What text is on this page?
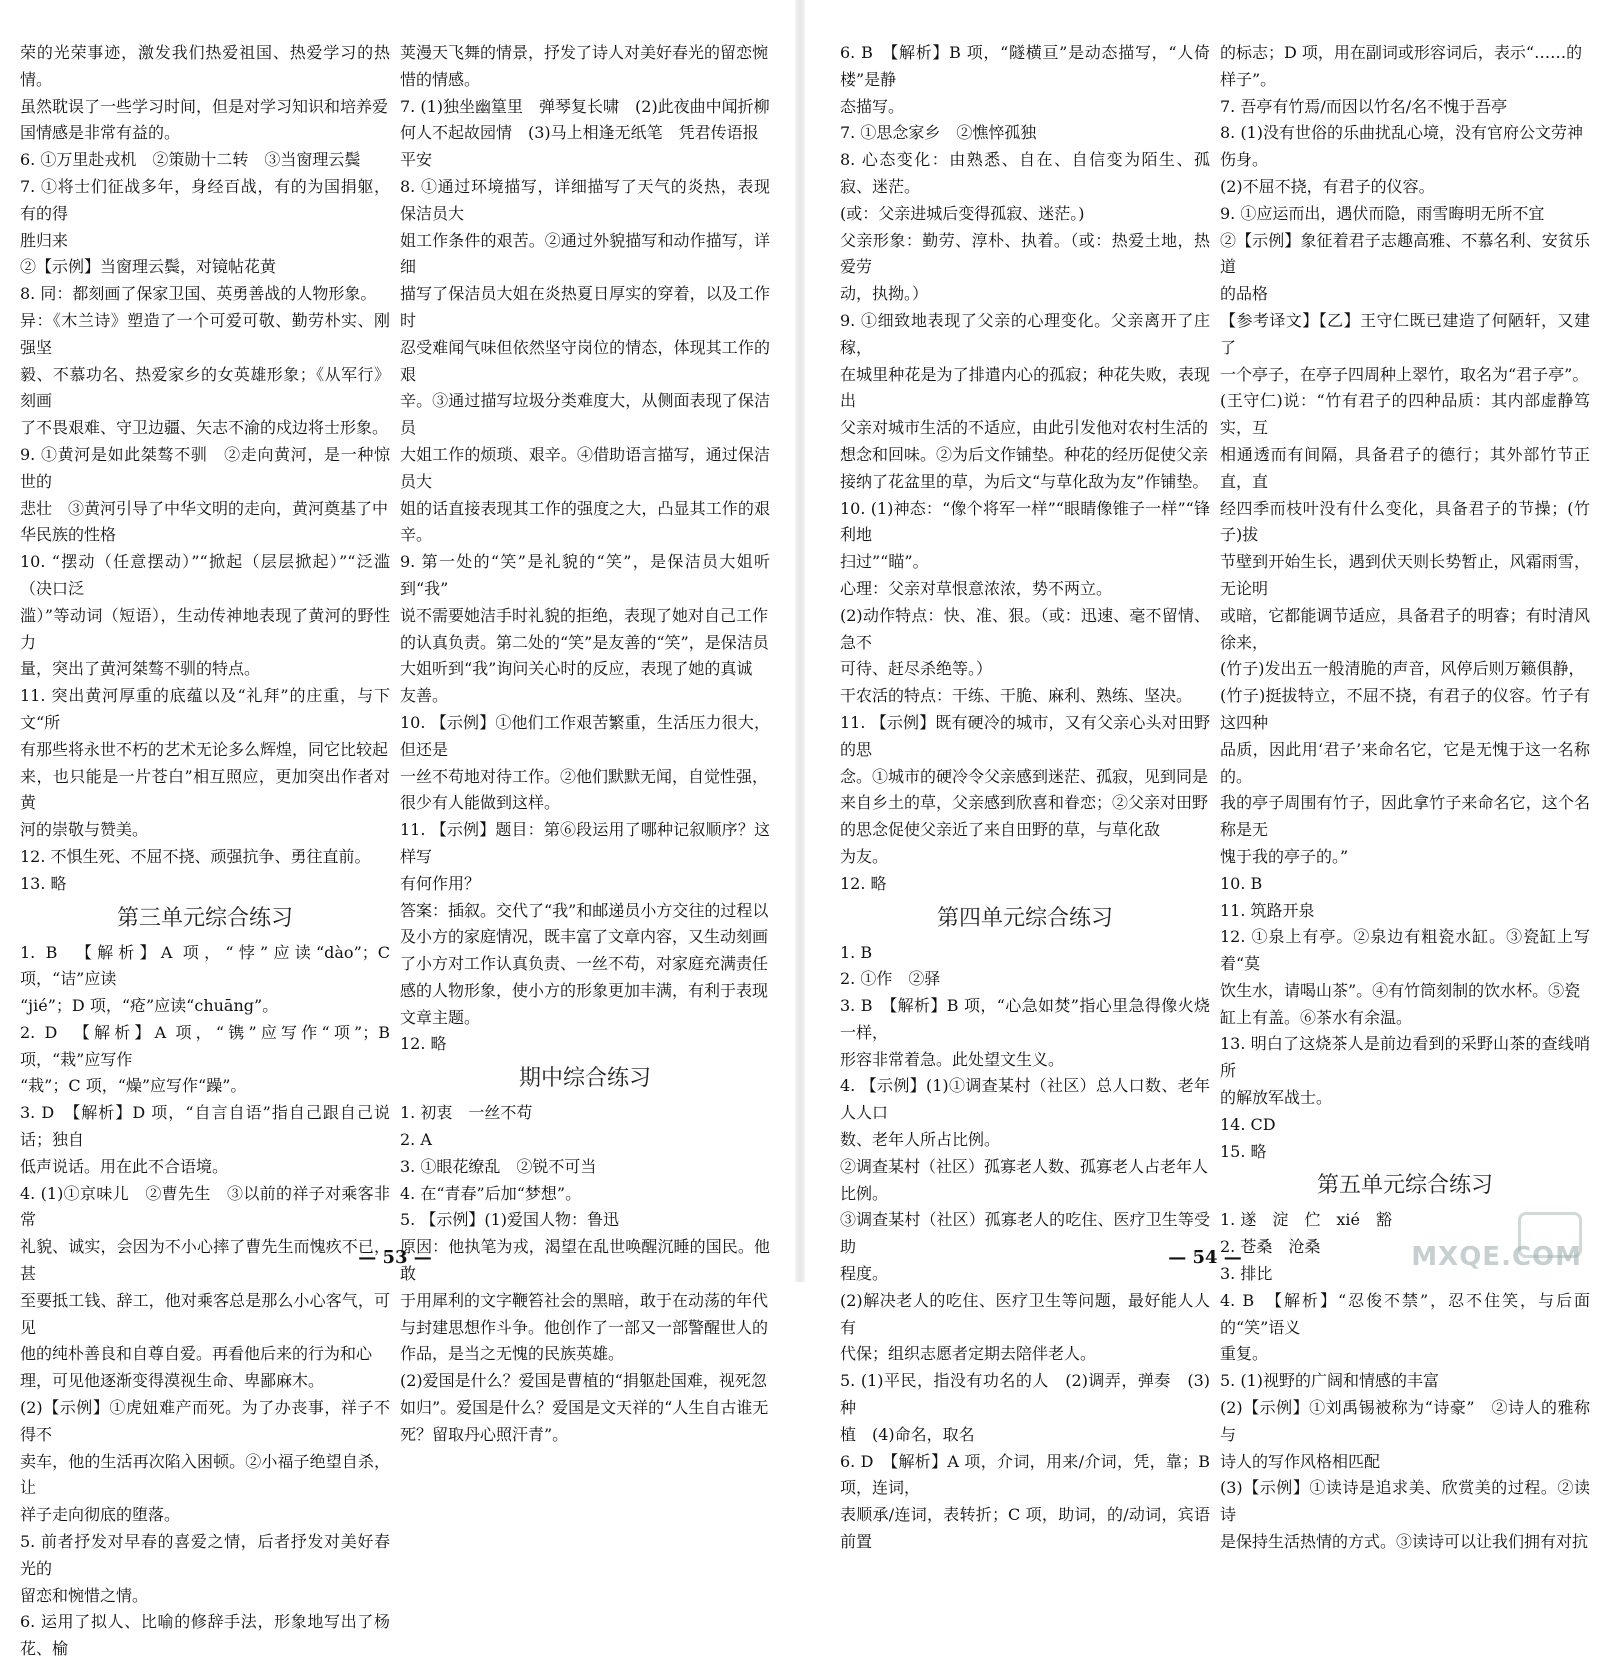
荣的光荣事迹，激发我们热爱祖国、热爱学习的热情。

虽然耽误了一些学习时间，但是对学习知识和培养爱

国情感是非常有益的。

6. ①万里赴戎机　②策勋十二转　③当窗理云鬓

7. ①将士们征战多年，身经百战，有的为国捐躯，有的得

胜归来

②【示例】当窗理云鬓，对镜帖花黄

8. 同：都刻画了保家卫国、英勇善战的人物形象。

异：《木兰诗》塑造了一个可爱可敬、勤劳朴实、刚强坚

毅、不慕功名、热爱家乡的女英雄形象；《从军行》刻画

了不畏艰难、守卫边疆、矢志不渝的戍边将士形象。

9. ①黄河是如此桀骜不驯　②走向黄河，是一种惊世的

悲壮　③黄河引导了中华文明的走向，黄河奠基了中

华民族的性格

10. “摆动（任意摆动）”“掀起（层层掀起）”“泛滥（决口泛

滥）”等动词（短语），生动传神地表现了黄河的野性力

量，突出了黄河桀骜不驯的特点。

11. 突出黄河厚重的底蕴以及“礼拜”的庄重，与下文“所

有那些将永世不朽的艺术无论多么辉煌，同它比较起

来，也只能是一片苍白”相互照应，更加突出作者对黄

河的崇敬与赞美。

12. 不惧生死、不屈不挠、顽强抗争、勇往直前。

13. 略

第三单元综合练习

1. B　【解析】A 项，“悖”应读“dào”；C 项，“诘”应读

“jié”；D 项，“疮”应读“chuāng”。

2. D　【解析】A 项，“镌”应写作“项”；B 项，“栽”应写作

“栽”；C 项，“燥”应写作“躁”。

3. D　【解析】D 项，“自言自语”指自己跟自己说话；独自

低声说话。用在此不合语境。

4. (1)①京味儿　②曹先生　③以前的祥子对乘客非常

礼貌、诚实，会因为不小心摔了曹先生而愧疚不已，甚

至要抵工钱、辞工，他对乘客总是那么小心客气，可见

他的纯朴善良和自尊自爱。再看他后来的行为和心

理，可见他逐渐变得漠视生命、卑鄙麻木。

(2)【示例】①虎妞难产而死。为了办丧事，祥子不得不

卖车，他的生活再次陷入困顿。②小福子绝望自杀，让

祥子走向彻底的堕落。

5. 前者抒发对早春的喜爱之情，后者抒发对美好春光的

留恋和惋惜之情。

6. 运用了拟人、比喻的修辞手法，形象地写出了杨花、榆

荚漫天飞舞的情景，抒发了诗人对美好春光的留恋惋

惜的情感。

7. (1)独坐幽篁里　弹琴复长啸　(2)此夜曲中闻折柳

何人不起故园情　(3)马上相逢无纸笔　凭君传语报

平安

8. ①通过环境描写，详细描写了天气的炎热，表现保洁员大

姐工作条件的艰苦。②通过外貌描写和动作描写，详细

描写了保洁员大姐在炎热夏日厚实的穿着，以及工作时

忍受难闻气味但依然坚守岗位的情态，体现其工作的艰

辛。③通过描写垃圾分类难度大，从侧面表现了保洁员

大姐工作的烦琐、艰辛。④借助语言描写，通过保洁员大

姐的话直接表现其工作的强度之大，凸显其工作的艰辛。

9. 第一处的“笑”是礼貌的“笑”，是保洁员大姐听到“我”

说不需要她洁手时礼貌的拒绝，表现了她对自己工作

的认真负责。第二处的“笑”是友善的“笑”，是保洁员

大姐听到“我”询问关心时的反应，表现了她的真诚

友善。

10. 【示例】①他们工作艰苦繁重，生活压力很大，但还是

一丝不苟地对待工作。②他们默默无闻，自觉性强，

很少有人能做到这样。

11. 【示例】题目：第⑥段运用了哪种记叙顺序？这样写

有何作用？

答案：插叙。交代了“我”和邮递员小方交往的过程以

及小方的家庭情况，既丰富了文章内容，又生动刻画

了小方对工作认真负责、一丝不苟，对家庭充满责任

感的人物形象，使小方的形象更加丰满，有利于表现

文章主题。

12. 略

期中综合练习

1. 初衷　一丝不苟

2. A

3. ①眼花缭乱　②锐不可当

4. 在“青春”后加“梦想”。

5. 【示例】(1)爱国人物：鲁迅

原因：他执笔为戎，渴望在乱世唤醒沉睡的国民。他敢

于用犀利的文字鞭笞社会的黑暗，敢于在动荡的年代

与封建思想作斗争。他创作了一部又一部警醒世人的

作品，是当之无愧的民族英雄。

(2)爱国是什么？爱国是曹植的“捐躯赴国难，视死忽

如归”。爱国是什么？爱国是文天祥的“人生自古谁无

死？留取丹心照汗青”。

— 53 —

6. B　【解析】B 项，“隧横亘”是动态描写，“人倚楼”是静

态描写。

7. ①思念家乡　②憔悴孤独

8. 心态变化：由熟悉、自在、自信变为陌生、孤寂、迷茫。

(或：父亲进城后变得孤寂、迷茫。)

父亲形象：勤劳、淳朴、执着。（或：热爱土地，热爱劳

动，执拗。）

9. ①细致地表现了父亲的心理变化。父亲离开了庄稼，

在城里种花是为了排遣内心的孤寂；种花失败，表现出

父亲对城市生活的不适应，由此引发他对农村生活的

想念和回味。②为后文作铺垫。种花的经历促使父亲

接纳了花盆里的草，为后文“与草化敌为友”作铺垫。

10. (1)神态：“像个将军一样”“眼睛像锥子一样”“锋利地

扫过”“瞄”。

心理：父亲对草恨意浓浓，势不两立。

(2)动作特点：快、准、狠。（或：迅速、毫不留情、急不

可待、赶尽杀绝等。）

干农活的特点：干练、干脆、麻利、熟练、坚决。

11. 【示例】既有硬冷的城市，又有父亲心头对田野的思

念。①城市的硬冷令父亲感到迷茫、孤寂，见到同是

来自乡土的草，父亲感到欣喜和眷恋；②父亲对田野

的思念促使父亲近了来自田野的草，与草化敌

为友。

12. 略

第四单元综合练习

1. B

2. ①作　②驿

3. B　【解析】B 项，“心急如焚”指心里急得像火烧一样，

形容非常着急。此处望文生义。

4. 【示例】(1)①调查某村（社区）总人口数、老年人人口

数、老年人所占比例。

②调查某村（社区）孤寡老人数、孤寡老人占老年人

比例。

③调查某村（社区）孤寡老人的吃住、医疗卫生等受助

程度。

(2)解决老人的吃住、医疗卫生等问题，最好能人人有

代保；组织志愿者定期去陪伴老人。

5. (1)平民，指没有功名的人　(2)调弄，弹奏　(3)种

植　(4)命名，取名

6. D　【解析】A 项，介词，用来/介词，凭，靠；B 项，连词，

表顺承/连词，表转折；C 项，助词，的/动词，宾语前置

的标志；D 项，用在副词或形容词后，表示“……的

样子”。

7. 吾亭有竹焉/而因以竹名/名不愧于吾亭

8. (1)没有世俗的乐曲扰乱心境，没有官府公文劳神

伤身。

(2)不屈不挠，有君子的仪容。

9. ①应运而出，遇伏而隐，雨雪晦明无所不宜

②【示例】象征着君子志趣高雅、不慕名利、安贫乐道

的品格

【参考译文】【乙】王守仁既已建造了何陋轩，又建了

一个亭子，在亭子四周种上翠竹，取名为“君子亭”。

(王守仁)说：“竹有君子的四种品质：其内部虚静笃实，互

相通透而有间隔，具备君子的德行；其外部竹节正直，直

经四季而枝叶没有什么变化，具备君子的节操；(竹子)拔

节壁到开始生长，遇到伏天则长势暂止，风霜雨雪，无论明

或暗，它都能调节适应，具备君子的明睿；有时清风徐来，

(竹子)发出五一般清脆的声音，风停后则万籁俱静，

(竹子)挺拔特立，不屈不挠，有君子的仪容。竹子有这四种

品质，因此用‘君子’来命名它，它是无愧于这一名称的。

我的亭子周围有竹子，因此拿竹子来命名它，这个名称是无

愧于我的亭子的。”

10. B

11. 筑路开泉

12. ①泉上有亭。②泉边有粗瓷水缸。③瓷缸上写着“莫

饮生水，请喝山茶”。④有竹筒刻制的饮水杯。⑤瓷

缸上有盖。⑥茶水有余温。

13. 明白了这烧茶人是前边看到的采野山茶的查线哨所

的解放军战士。

14. CD

15. 略

第五单元综合练习

1. 遂　淀　伫　xié　豁

2. 苍桑　沧桑

3. 排比

4. B　【解析】“忍俊不禁”，忍不住笑，与后面的“笑”语义

重复。

5. (1)视野的广阔和情感的丰富

(2)【示例】①刘禹锡被称为“诗豪”　②诗人的雅称与

诗人的写作风格相匹配

(3)【示例】①读诗是追求美、欣赏美的过程。②读诗

是保持生活热情的方式。③读诗可以让我们拥有对抗

— 54 —	MXQE.COM
